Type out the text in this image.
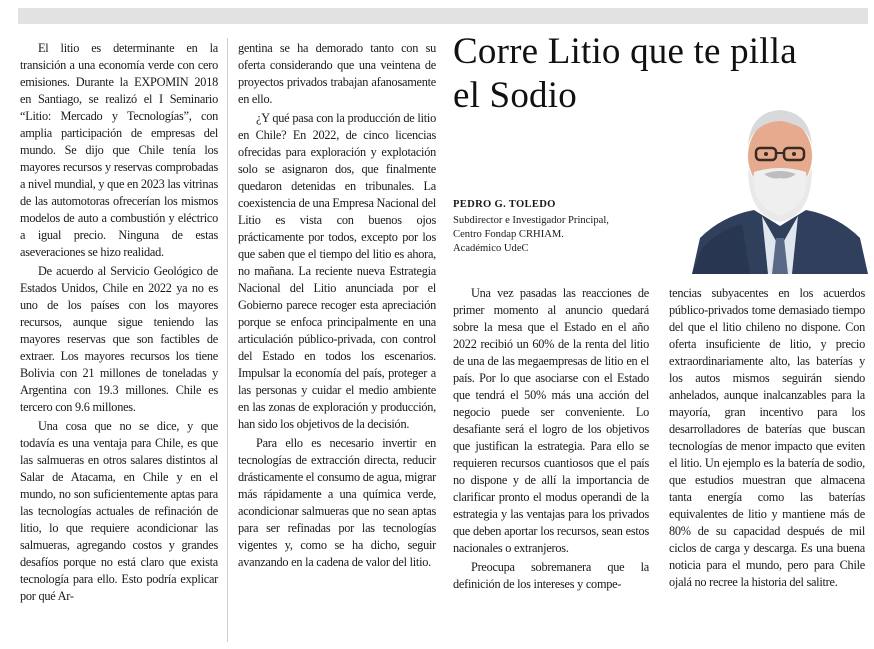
El litio es determinante en la transición a una economía verde con cero emisiones. Durante la EXPOMIN 2018 en Santiago, se realizó el I Seminario “Litio: Mercado y Tecnologías”, con amplia participación de empresas del mundo. Se dijo que Chile tenía los mayores recursos y reservas comprobadas a nivel mundial, y que en 2023 las vitrinas de las automotoras ofrecerían los mismos modelos de auto a combustión y eléctrico a igual precio. Ninguna de estas aseveraciones se hizo realidad.

De acuerdo al Servicio Geológico de Estados Unidos, Chile en 2022 ya no es uno de los países con los mayores recursos, aunque sigue teniendo las mayores reservas que son factibles de extraer. Los mayores recursos los tiene Bolivia con 21 millones de toneladas y Argentina con 19.3 millones. Chile es tercero con 9.6 millones.

Una cosa que no se dice, y que todavía es una ventaja para Chile, es que las salmueras en otros salares distintos al Salar de Atacama, en Chile y en el mundo, no son suficientemente aptas para las tecnologías actuales de refinación de litio, lo que requiere acondicionar las salmueras, agregando costos y grandes desafíos porque no está claro que exista tecnología para ello. Esto podría explicar por qué Ar-

gentina se ha demorado tanto con su oferta considerando que una veintena de proyectos privados trabajan afanosamente en ello.

¿Y qué pasa con la producción de litio en Chile? En 2022, de cinco licencias ofrecidas para exploración y explotación solo se asignaron dos, que finalmente quedaron detenidas en tribunales. La coexistencia de una Empresa Nacional del Litio es vista con buenos ojos prácticamente por todos, excepto por los que saben que el tiempo del litio es ahora, no mañana. La reciente nueva Estrategia Nacional del Litio anunciada por el Gobierno parece recoger esta apreciación porque se enfoca principalmente en una articulación público-privada, con control del Estado en todos los escenarios. Impulsar la economía del país, proteger a las personas y cuidar el medio ambiente en las zonas de exploración y producción, han sido los objetivos de la decisión.

Para ello es necesario invertir en tecnologías de extracción directa, reducir drásticamente el consumo de agua, migrar más rápidamente a una química verde, acondicionar salmueras que no sean aptas para ser refinadas por las tecnologías vigentes y, como se ha dicho, seguir avanzando en la cadena de valor del litio.

Corre Litio que te pilla
el Sodio
PEDRO G. TOLEDO
Subdirector e Investigador Principal,
Centro Fondap CRHIAM.
Académico UdeC

Una vez pasadas las reacciones de primer momento al anuncio quedará sobre la mesa que el Estado en el año 2022 recibió un 60% de la renta del litio de una de las megaempresas de litio en el país. Por lo que asociarse con el Estado que tendrá el 50% más una acción del negocio puede ser conveniente. Lo desafiante será el logro de los objetivos que justifican la estrategia. Para ello se requieren recursos cuantiosos que el país no dispone y de allí la importancia de clarificar pronto el modus operandi de la estrategia y las ventajas para los privados que deben aportar los recursos, sean estos nacionales o extranjeros.

Preocupa sobremanera que la definición de los intereses y compe-

tencias subyacentes en los acuerdos público-privados tome demasiado tiempo del que el litio chileno no dispone. Con oferta insuficiente de litio, y precio extraordinariamente alto, las baterías y los autos mismos seguirán siendo anhelados, aunque inalcanzables para la mayoría, gran incentivo para los desarrolladores de baterías que buscan tecnologías de menor impacto que eviten el litio. Un ejemplo es la batería de sodio, que estudios muestran que almacena tanta energía como las baterías equivalentes de litio y mantiene más de 80% de su capacidad después de mil ciclos de carga y descarga. Es una buena noticia para el mundo, pero para Chile ojalá no recree la historia del salitre.
